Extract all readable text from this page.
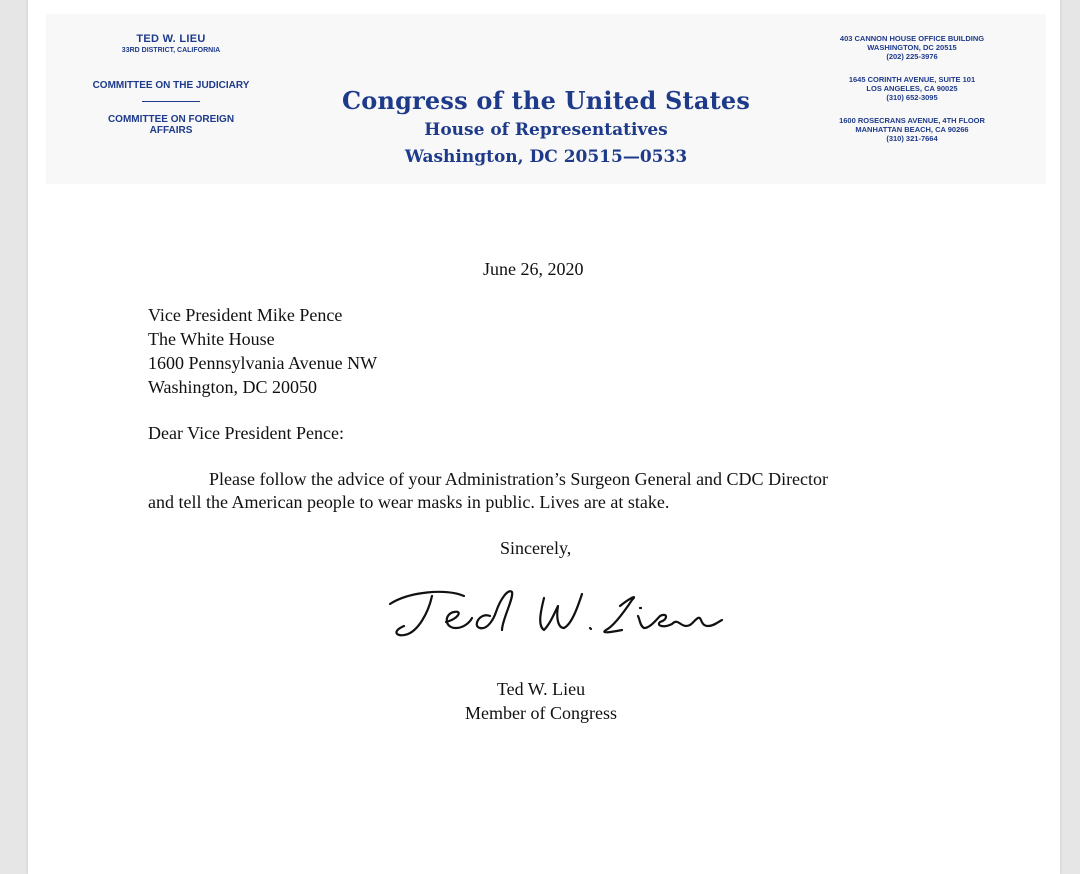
TED W. LIEU
33RD DISTRICT, CALIFORNIA
COMMITTEE ON THE JUDICIARY
COMMITTEE ON FOREIGN AFFAIRS
Congress of the United States
House of Representatives
Washington, DC 20515—0533
403 CANNON HOUSE OFFICE BUILDING
WASHINGTON, DC 20515
(202) 225-3976
1645 CORINTH AVENUE, SUITE 101
LOS ANGELES, CA 90025
(310) 652-3095
1600 ROSECRANS AVENUE, 4TH FLOOR
MANHATTAN BEACH, CA 90266
(310) 321-7664
June 26, 2020
Vice President Mike Pence
The White House
1600 Pennsylvania Avenue NW
Washington, DC 20050
Dear Vice President Pence:
Please follow the advice of your Administration’s Surgeon General and CDC Director
and tell the American people to wear masks in public. Lives are at stake.
Sincerely,
Ted W. Lieu
Member of Congress
